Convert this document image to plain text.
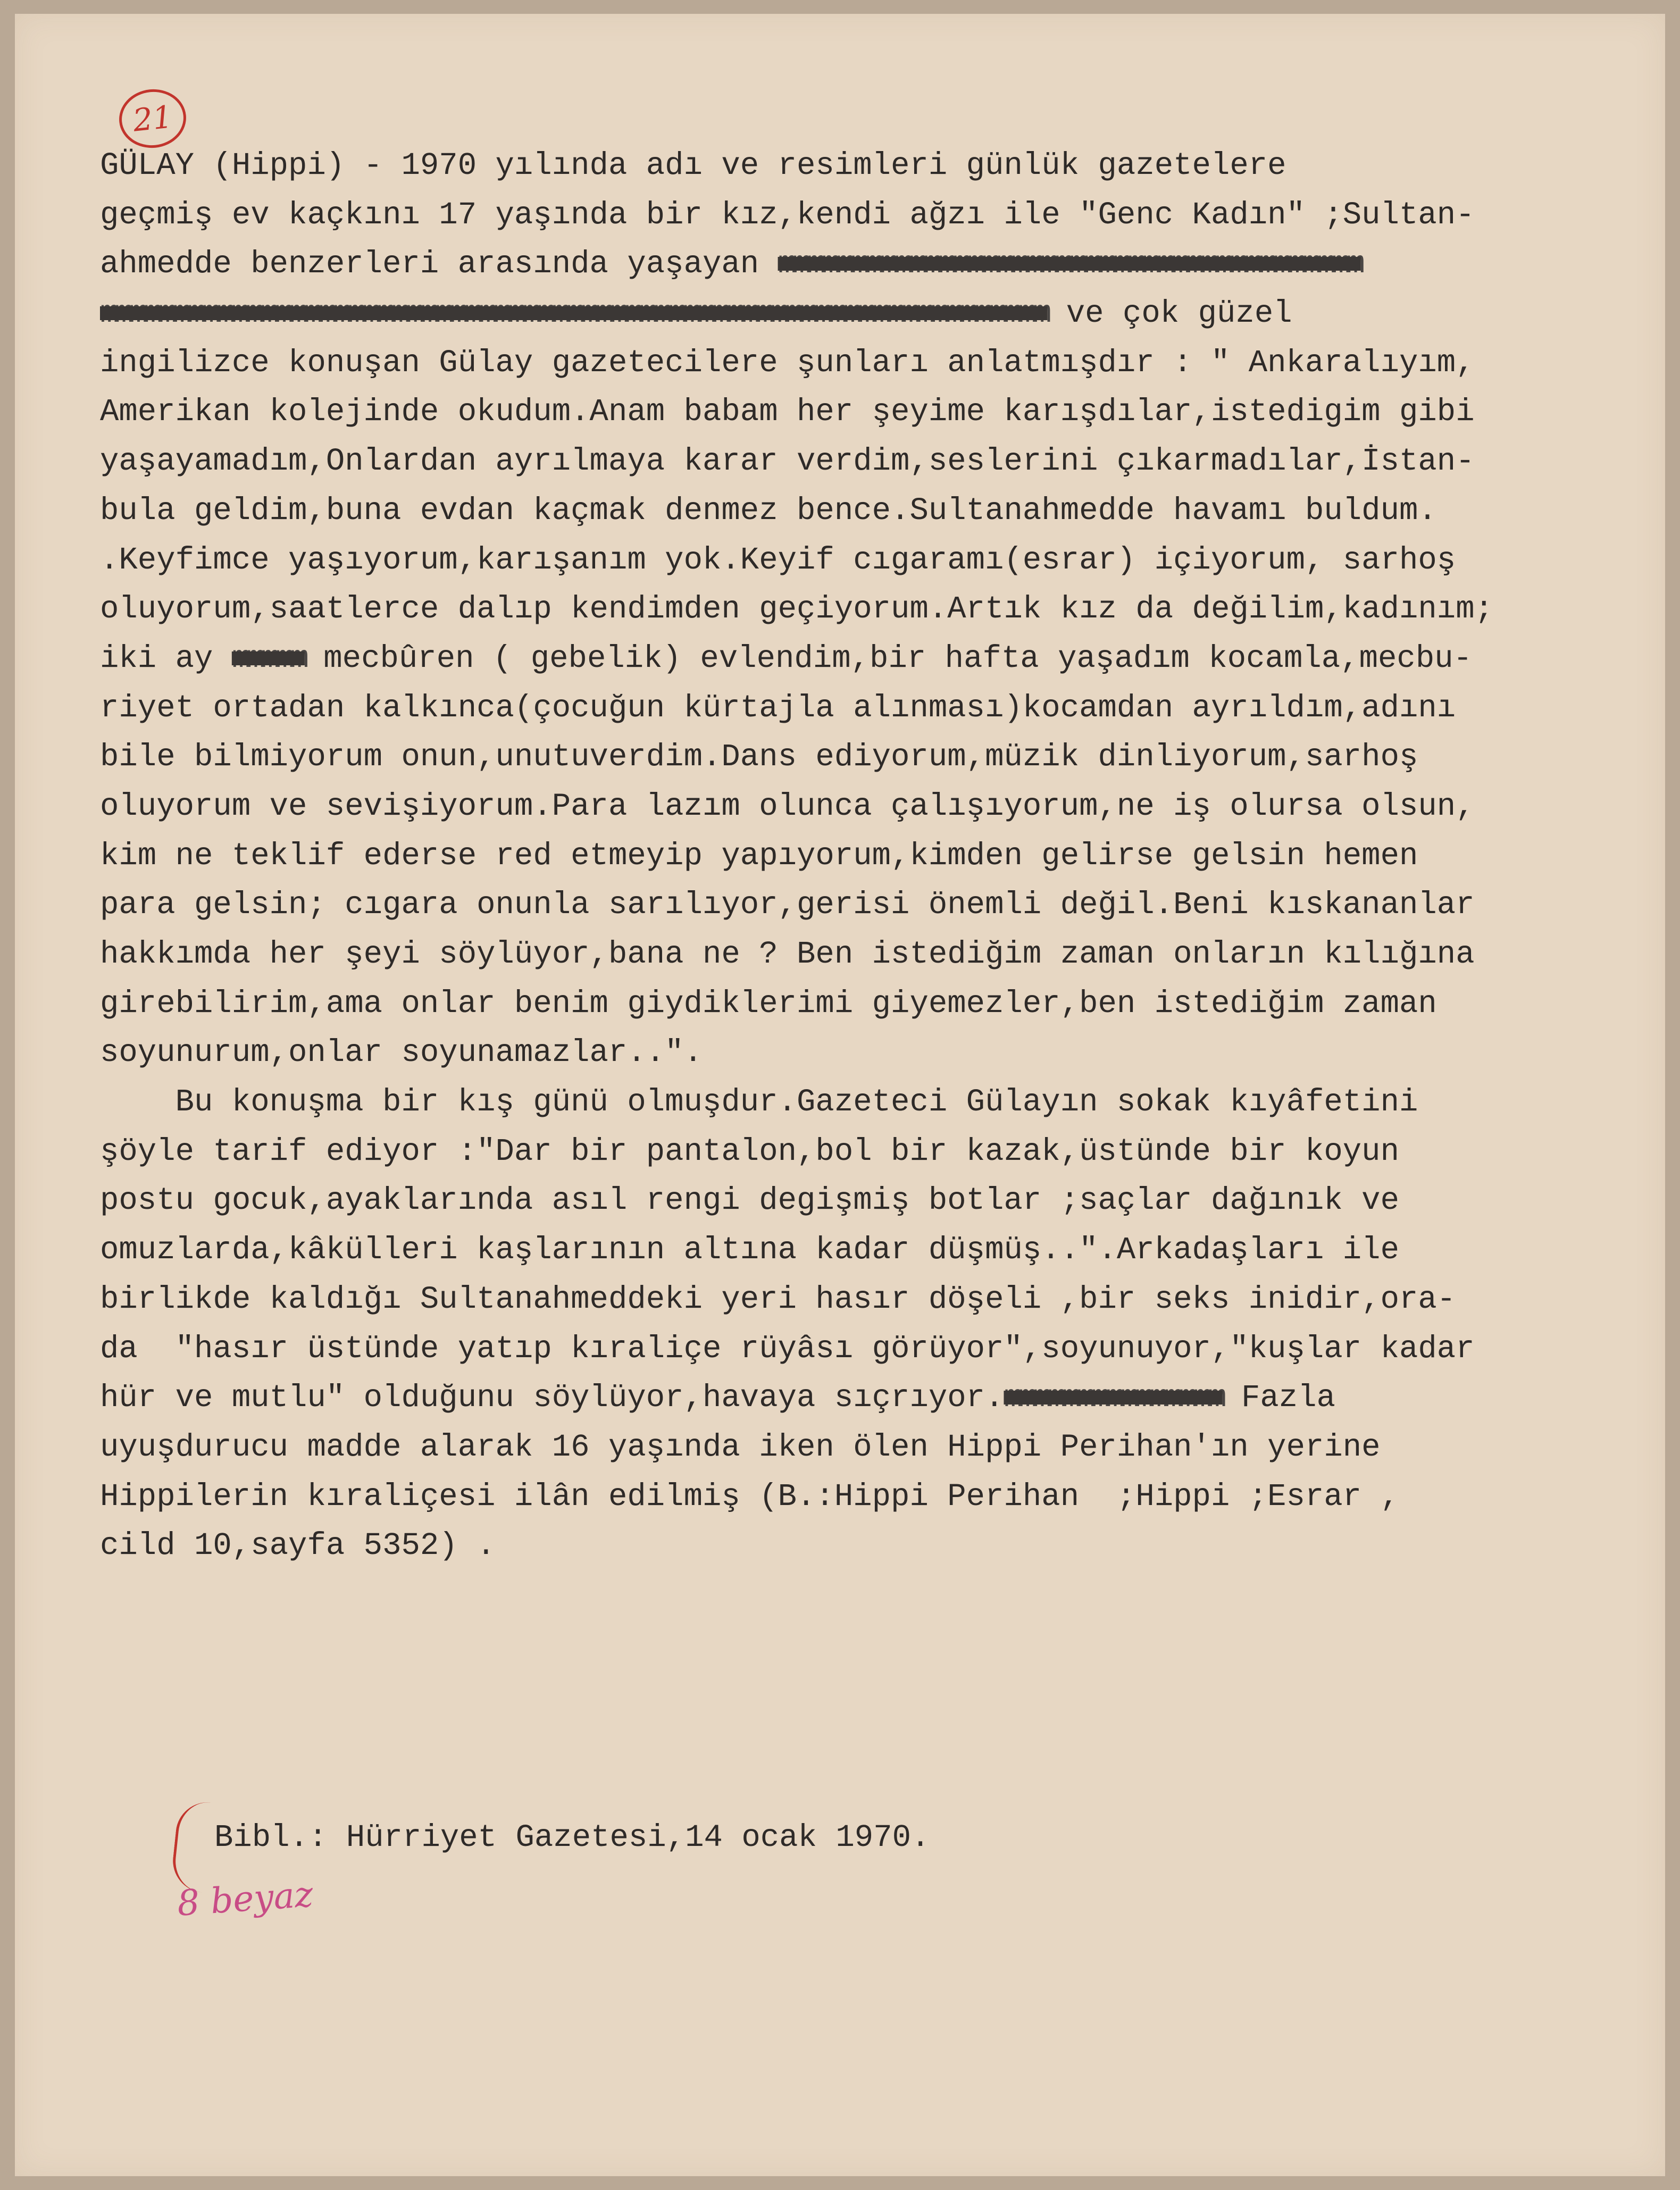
21
GÜLAY (Hippi) - 1970 yılında adı ve resimleri günlük gazetelere
geçmiş ev kaçkını 17 yaşında bir kız,kendi ağzı ile "Genc Kadın" ;Sultan-
ahmedde benzerleri arasında yaşayan mmmmmmmmmmmmmmmmmmmmmmmmmmmmmmmmmmmmmmmm
mmmmmmmmmmmmmmmmmmmmmmmmmmmmmmmmmmmmmmmmmmmmmmmmmmmmmmmmmmmmmmmmm ve çok güzel
ingilizce konuşan Gülay gazetecilere şunları anlatmışdır : " Ankaralıyım,
Amerikan kolejinde okudum.Anam babam her şeyime karışdılar,istedigim gibi
yaşayamadım,Onlardan ayrılmaya karar verdim,seslerini çıkarmadılar,İstan-
bula geldim,buna evdan kaçmak denmez bence.Sultanahmedde havamı buldum.
.Keyfimce yaşıyorum,karışanım yok.Keyif cıgaramı(esrar) içiyorum, sarhoş
oluyorum,saatlerce dalıp kendimden geçiyorum.Artık kız da değilim,kadınım;
iki ay mmmmm mecbûren ( gebelik) evlendim,bir hafta yaşadım kocamla,mecbu-
riyet ortadan kalkınca(çocuğun kürtajla alınması)kocamdan ayrıldım,adını
bile bilmiyorum onun,unutuverdim.Dans ediyorum,müzik dinliyorum,sarhoş
oluyorum ve sevişiyorum.Para lazım olunca çalışıyorum,ne iş olursa olsun,
kim ne teklif ederse red etmeyip yapıyorum,kimden gelirse gelsin hemen
para gelsin; cıgara onunla sarılıyor,gerisi önemli değil.Beni kıskananlar
hakkımda her şeyi söylüyor,bana ne ? Ben istediğim zaman onların kılığına
girebilirim,ama onlar benim giydiklerimi giyemezler,ben istediğim zaman
soyunurum,onlar soyunamazlar..".
Bu konuşma bir kış günü olmuşdur.Gazeteci Gülayın sokak kıyâfetini
şöyle tarif ediyor :"Dar bir pantalon,bol bir kazak,üstünde bir koyun
postu gocuk,ayaklarında asıl rengi degişmiş botlar ;saçlar dağınık ve
omuzlarda,kâkülleri kaşlarının altına kadar düşmüş..".Arkadaşları ile
birlikde kaldığı Sultanahmeddeki yeri hasır döşeli ,bir seks inidir,ora-
da  "hasır üstünde yatıp kıraliçe rüyâsı görüyor",soyunuyor,"kuşlar kadar
hür ve mutlu" olduğunu söylüyor,havaya sıçrıyor.mmmmmmmmmmmmmmm Fazla
uyuşdurucu madde alarak 16 yaşında iken ölen Hippi Perihan'ın yerine
Hippilerin kıraliçesi ilân edilmiş (B.:Hippi Perihan  ;Hippi ;Esrar ,
cild 10,sayfa 5352) .
Bibl.: Hürriyet Gazetesi,14 ocak 1970.
8 beyaz
